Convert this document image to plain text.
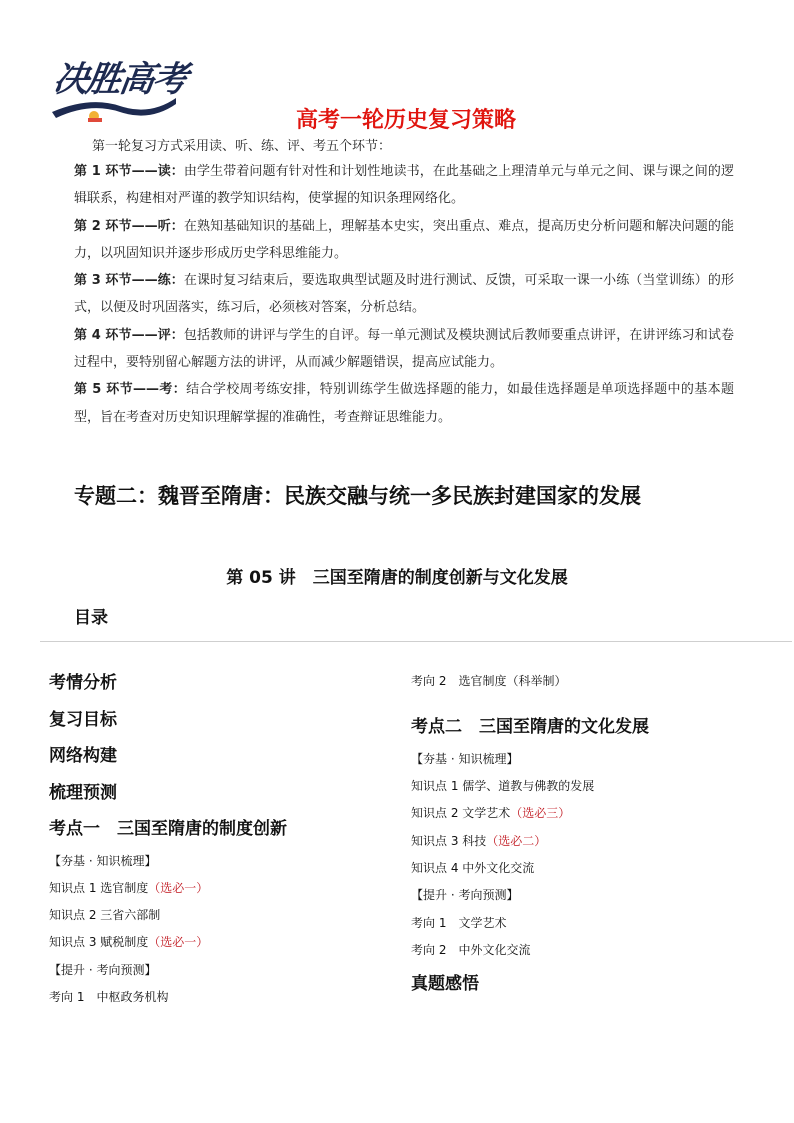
决胜高考
高考一轮历史复习策略
第一轮复习方式采用读、听、练、评、考五个环节：

第 1 环节——读：由学生带着问题有针对性和计划性地读书，在此基础之上理清单元与单元之间、课与课之间的逻辑联系，构建相对严谨的教学知识结构，使掌握的知识条理网络化。

第 2 环节——听：在熟知基础知识的基础上，理解基本史实，突出重点、难点，提高历史分析问题和解决问题的能力，以巩固知识并逐步形成历史学科思维能力。

第 3 环节——练：在课时复习结束后，要选取典型试题及时进行测试、反馈，可采取一课一小练（当堂训练）的形式，以便及时巩固落实，练习后，必须核对答案，分析总结。

第 4 环节——评：包括教师的讲评与学生的自评。每一单元测试及模块测试后教师要重点讲评，在讲评练习和试卷过程中，要特别留心解题方法的讲评，从而减少解题错误，提高应试能力。

第 5 环节——考：结合学校周考练安排，特别训练学生做选择题的能力，如最佳选择题是单项选择题中的基本题型，旨在考查对历史知识理解掌握的准确性，考查辩证思维能力。

专题二：魏晋至隋唐：民族交融与统一多民族封建国家的发展
第 05 讲　三国至隋唐的制度创新与文化发展
目录
考情分析
复习目标
网络构建
梳理预测
考点一　三国至隋唐的制度创新
【夯基 · 知识梳理】
知识点 1 选官制度（选必一）
知识点 2 三省六部制
知识点 3 赋税制度（选必一）
【提升 · 考向预测】
考向 1　中枢政务机构
考向 2　选官制度（科举制）
考点二　三国至隋唐的文化发展
【夯基 · 知识梳理】
知识点 1 儒学、道教与佛教的发展
知识点 2 文学艺术（选必三）
知识点 3 科技（选必二）
知识点 4 中外文化交流
【提升 · 考向预测】
考向 1　文学艺术
考向 2　中外文化交流
真题感悟
